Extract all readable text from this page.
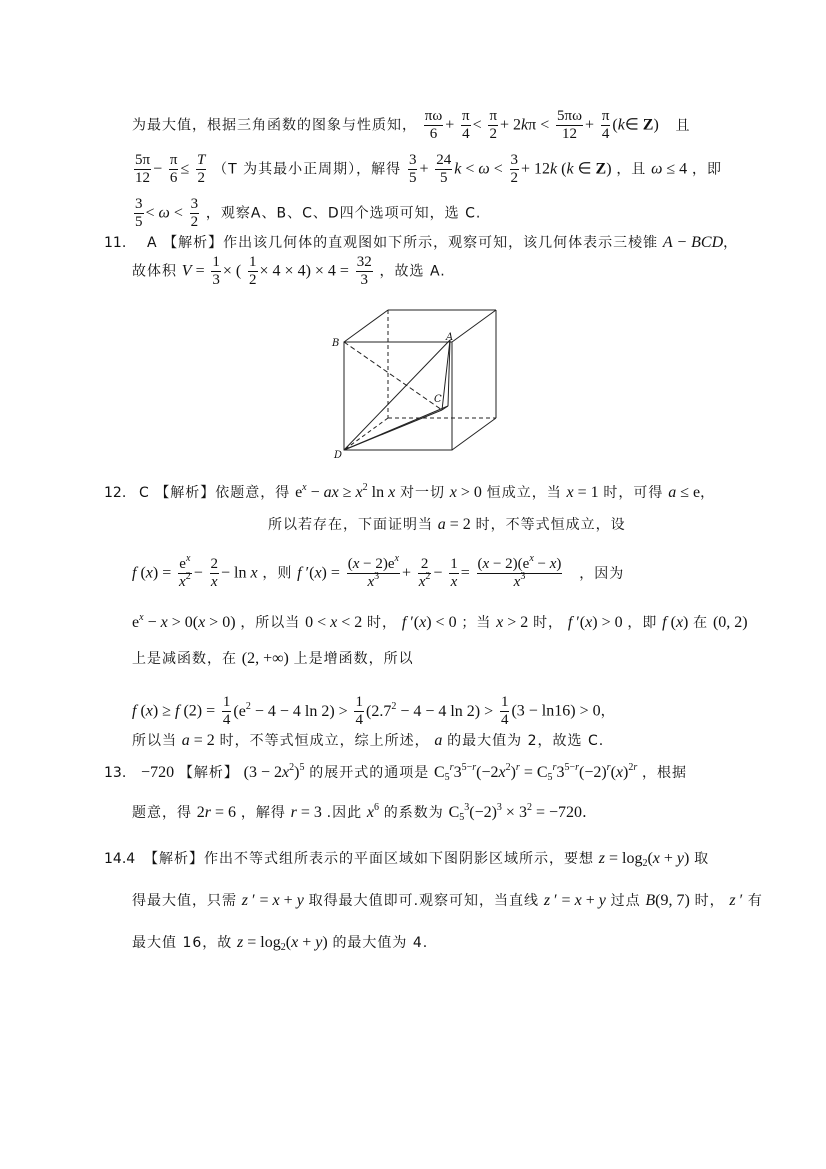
为最大值，根据三角函数的图象与性质知， $\frac{\pi\omega}{6} + \frac{\pi}{4} < \frac{\pi}{2} + 2k\pi < \frac{5\pi\omega}{12} + \frac{\pi}{4}$ (k∈ Z) 且
$\frac{5\pi}{12} - \frac{\pi}{6} \le \frac{T}{2} (T$ 为其最小正周期），解得 $\frac{3}{5} + \frac{24}{5}$ $k < \omega < \frac{3}{2} + 12k$ (k ∈ Z) ，且 ω ≤ 4 ，即
$\frac{3}{5} < \omega < \frac{3}{2}$ ，观察A、B、C、D四个选项可知，选 C.
11. A 【解析】作出该几何体的直观图如下所示，观察可知，该几何体表示三棱锥 A − BCD，
故体积 $V = \frac{1}{3}$ × ( $\frac{1}{2} \times 4 \times 4) \times 4 = \frac{32}{3}$ ，故选 A.
B
A
C
D
12. C 【解析】依题意，得 $e^x$ − ax ≥ $x^2$ ln x 对一切 x > 0 恒成立，当 x = 1 时，可得 a ≤ e，
所以若存在，下面证明当 a = 2 时，不等式恒成立，设
f $(x) = \frac{e^x}{x^2} - \frac{2}{x} - \ln x$ ，则 f $'(x) = \frac{(x - 2)e^x}{x^3} + \frac{2}{x^2} - \frac{1}{x} = \frac{(x - 2)(e^x - x)}{x^3}$ ，因为
$e^x - x > 0(x > 0)$ ，所以当 0 < x < 2 时， f ′(x) < 0 ；当 x > 2 时， f ′(x) > 0 ，即 f (x) 在 (0, 2)
上是减函数，在 (2, +∞) 上是增函数，所以
f (x) ≥ f $(2) = \frac{1}{4} (e^2 - 4 - 4$ $\ln 2) > \frac{1}{4} (2.7^2 - 4 - 4$ $\ln 2) > \frac{1}{4} (3 - \ln 16) > 0$，
所以当 a = 2 时，不等式恒成立，综上所述， a 的最大值为 2，故选 C.
13. −720 【解析】 $(3 - 2x^2)^5$ 的展开式的通项是 $C_5^r3^{5-r}(-2x^2)^r = C_5^r3^{5-r}(-2)^r(x)^{2r}$ ，根据
题意，得 2r = 6 ，解得 r = 3 .因此 $x^6$ 的系数为 $C_5^3(-2)^3 \times 3^2 = -720$.
14.4 【解析】作出不等式组所表示的平面区域如下图阴影区域所示，要想 $z = \log_2(x + y)$ 取
得最大值，只需 z ′ = x + y 取得最大值即可.观察可知，当直线 z ′ = x + y 过点 B(9, 7) 时， z ′ 有
最大值 16，故 $z = \log_2(x + y)$ 的最大值为 4.
